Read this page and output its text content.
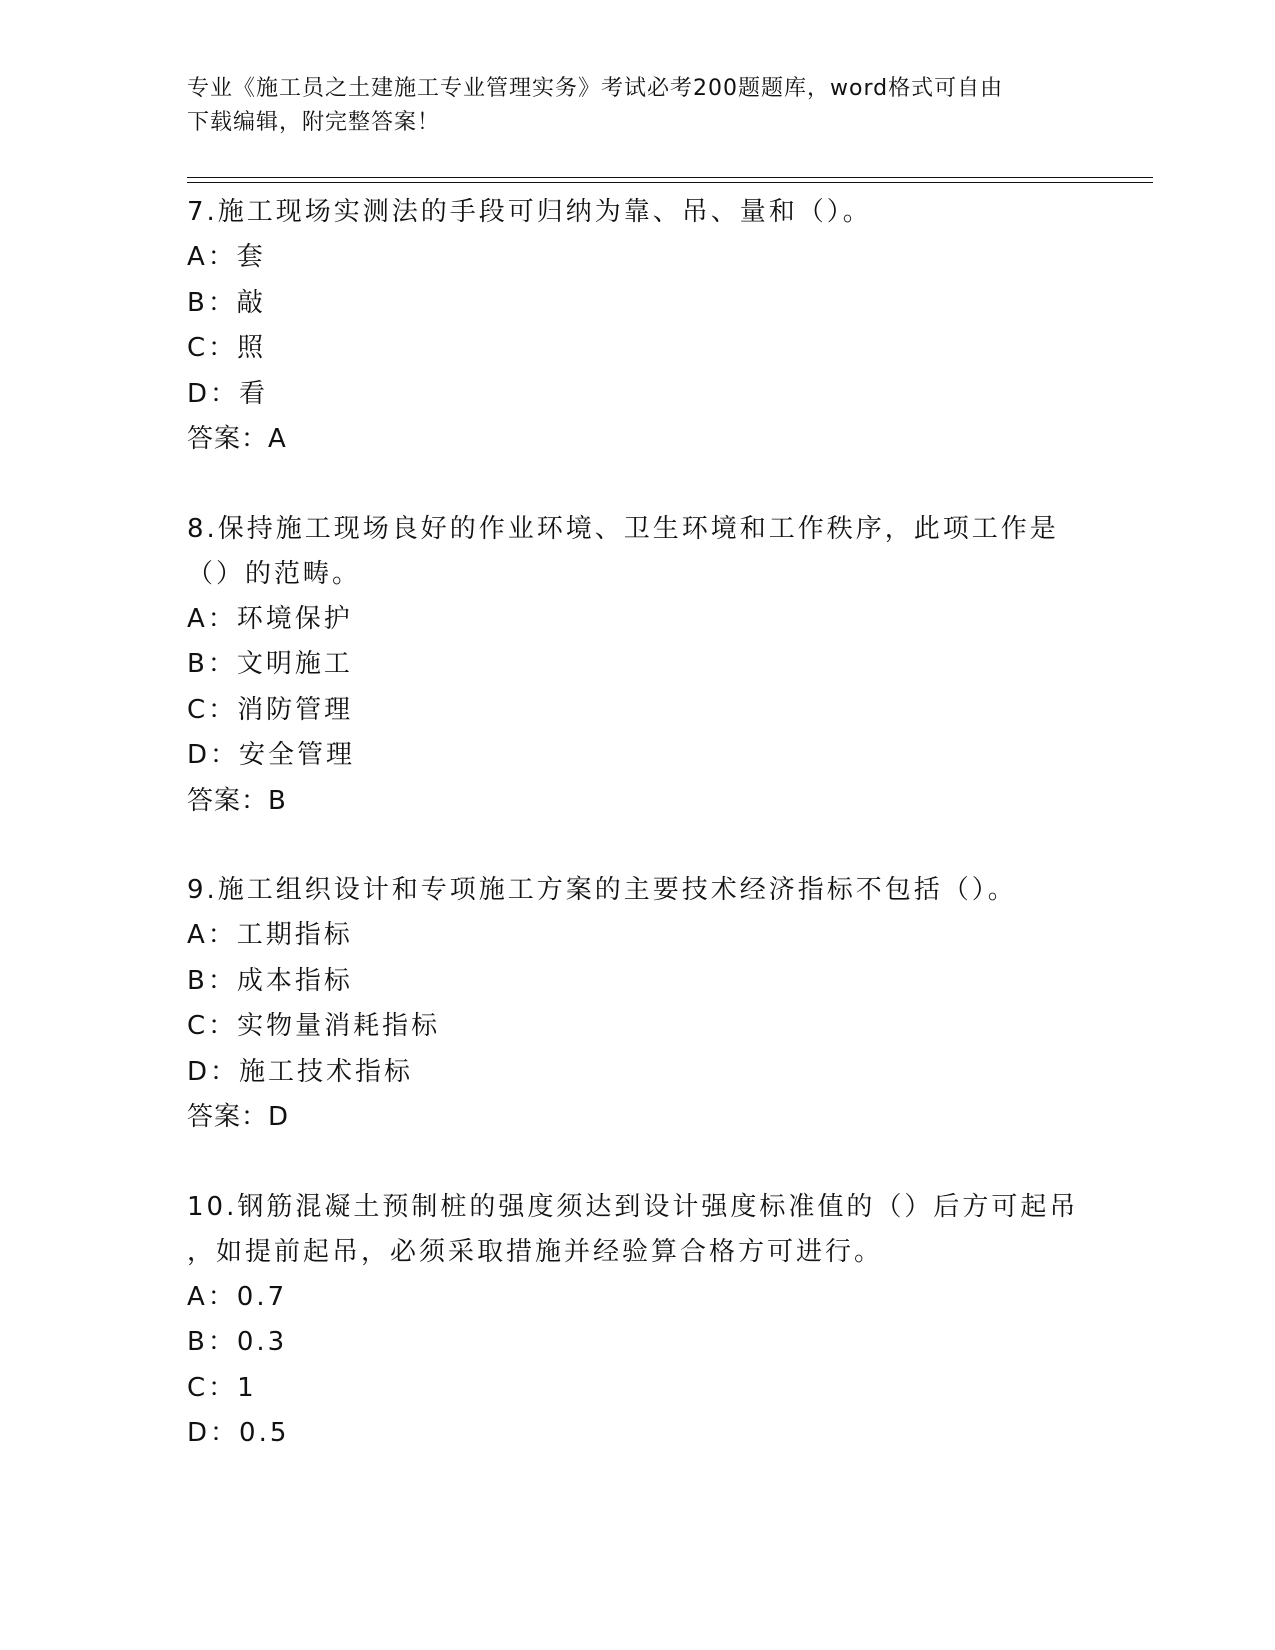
专业《施工员之土建施工专业管理实务》考试必考200题题库，word格式可自由
下载编辑，附完整答案！

7.施工现场实测法的手段可归纳为靠、吊、量和（）。

A：套

B：敲

C：照

D：看

答案：A

8.保持施工现场良好的作业环境、卫生环境和工作秩序，此项工作是

（）的范畴。

A：环境保护

B：文明施工

C：消防管理

D：安全管理

答案：B

9.施工组织设计和专项施工方案的主要技术经济指标不包括（）。

A：工期指标

B：成本指标

C：实物量消耗指标

D：施工技术指标

答案：D

10.钢筋混凝土预制桩的强度须达到设计强度标准值的（）后方可起吊

，如提前起吊，必须采取措施并经验算合格方可进行。

A：0.7

B：0.3

C：1

D：0.5
